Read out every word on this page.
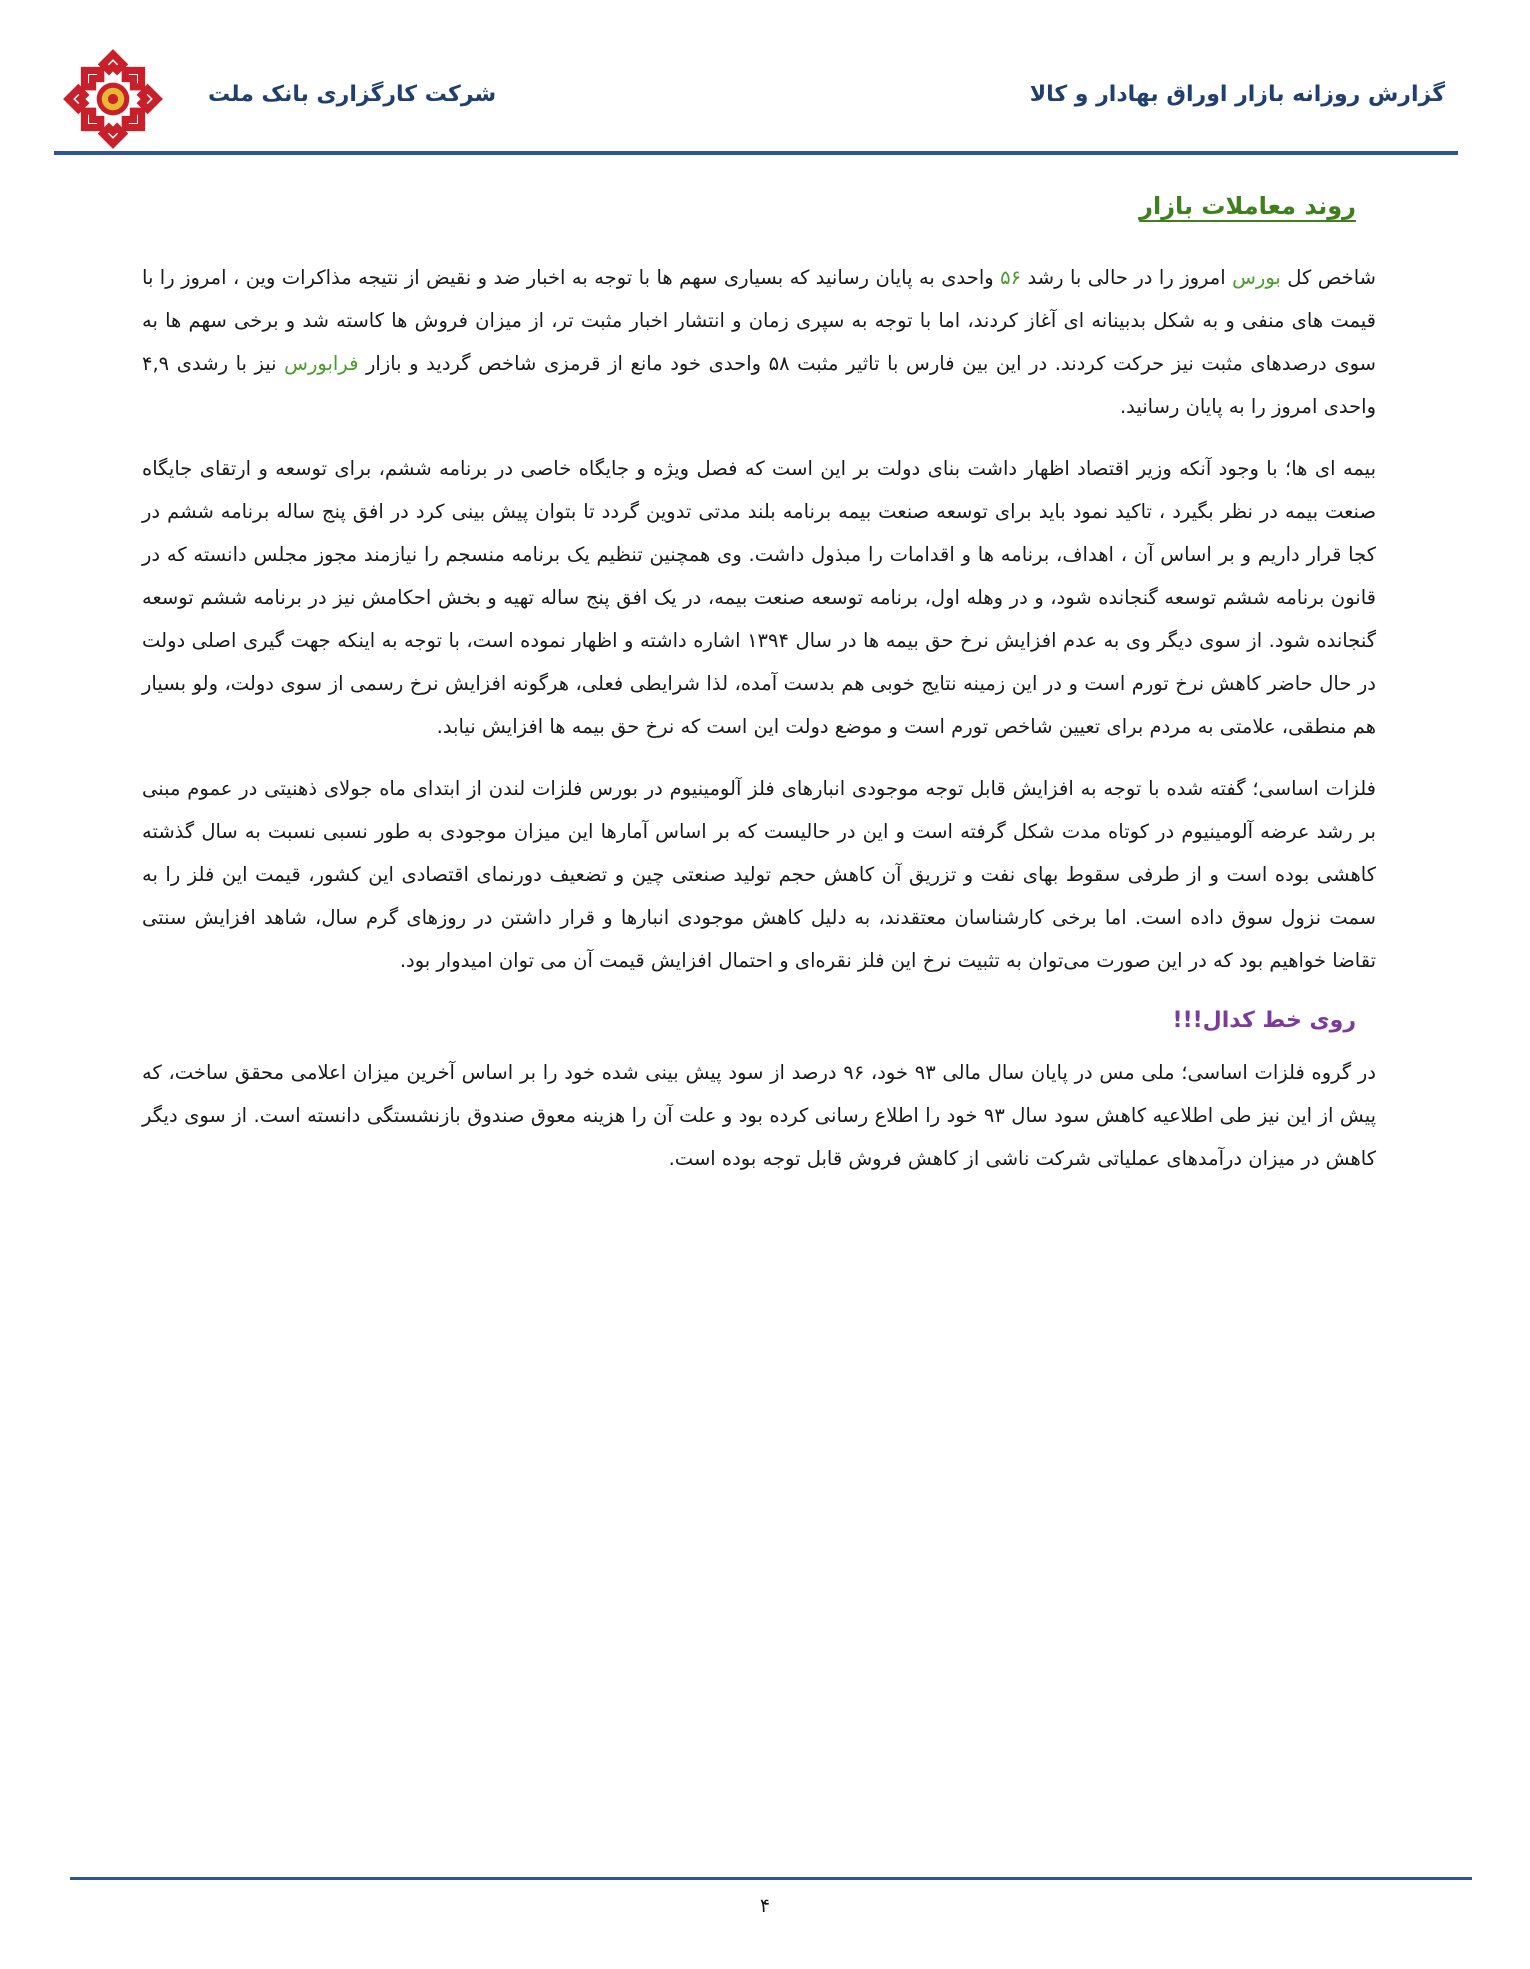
گزارش روزانه بازار اوراق بهادار و کالا
شرکت کارگزاری بانک ملت
روند معاملات بازار

شاخص کل بورس امروز را در حالی با رشد ۵۶ واحدی به پایان رسانید که بسیاری سهم ها با توجه به اخبار ضد و نقیض از نتیجه مذاکرات وین ، امروز را با قیمت های منفی و به شکل بدبینانه ای آغاز کردند، اما با توجه به سپری زمان و انتشار اخبار مثبت تر، از میزان فروش ها کاسته شد و برخی سهم ها به سوی درصدهای مثبت نیز حرکت کردند. در این بین فارس با تاثیر مثبت ۵۸ واحدی خود مانع از قرمزی شاخص گردید و بازار فرابورس نیز با رشدی ۴,۹ واحدی امروز را به پایان رسانید.

بیمه ای ها؛ با وجود آنکه وزیر اقتصاد اظهار داشت بنای دولت بر این است که فصل ویژه و جایگاه خاصی در برنامه ششم، برای توسعه و ارتقای جایگاه صنعت بیمه در نظر بگیرد ، تاکید نمود باید برای توسعه صنعت بیمه برنامه بلند مدتی تدوین گردد تا بتوان پیش بینی کرد در افق پنج ساله برنامه ششم در کجا قرار داریم و بر اساس آن ، اهداف، برنامه ها و اقدامات را مبذول داشت. وی همچنین تنظیم یک برنامه منسجم را نیازمند مجوز مجلس دانسته که در قانون برنامه ششم توسعه گنجانده شود، و در وهله اول، برنامه توسعه صنعت بیمه، در یک افق پنج ساله تهیه و بخش احکامش نیز در برنامه ششم توسعه گنجانده شود. از سوی دیگر وی به عدم افزایش نرخ حق بیمه ها در سال ۱۳۹۴ اشاره داشته و اظهار نموده است، با توجه به اینکه جهت گیری اصلی دولت در حال حاضر کاهش نرخ تورم است و در این زمینه نتایج خوبی هم بدست آمده، لذا شرایطی فعلی، هرگونه افزایش نرخ رسمی از سوی دولت، ولو بسیار هم منطقی، علامتی به مردم برای تعیین شاخص تورم است و موضع دولت این است که نرخ حق بیمه ها افزایش نیابد.

فلزات اساسی؛ گفته شده با توجه به افزایش قابل توجه موجودی انبارهای فلز آلومینیوم در بورس فلزات لندن از ابتدای ماه جولای ذهنیتی در عموم مبنی بر رشد عرضه آلومینیوم در کوتاه مدت شکل گرفته است و این در حالیست که بر اساس آمارها این میزان موجودی به طور نسبی نسبت به سال گذشته کاهشی بوده است و از طرفی سقوط بهای نفت و تزریق آن کاهش حجم تولید صنعتی چین و تضعیف دورنمای اقتصادی این کشور، قیمت این فلز را به سمت نزول سوق داده است. اما برخی کارشناسان معتقدند، به دلیل کاهش موجودی انبارها و قرار داشتن در روزهای گرم سال، شاهد افزایش سنتی تقاضا خواهیم بود که در این صورت می‌توان به تثبیت نرخ این فلز نقره‌ای و احتمال افزایش قیمت آن می توان امیدوار بود.

روی خط کدال!!!

در گروه فلزات اساسی؛ ملی مس در پایان سال مالی ۹۳ خود، ۹۶ درصد از سود پیش بینی شده خود را بر اساس آخرین میزان اعلامی محقق ساخت، که پیش از این نیز طی اطلاعیه کاهش سود سال ۹۳ خود را اطلاع رسانی کرده بود و علت آن را هزینه معوق صندوق بازنشستگی دانسته است. از سوی دیگر کاهش در میزان درآمدهای عملیاتی شرکت ناشی از کاهش فروش قابل توجه بوده است.

۴
